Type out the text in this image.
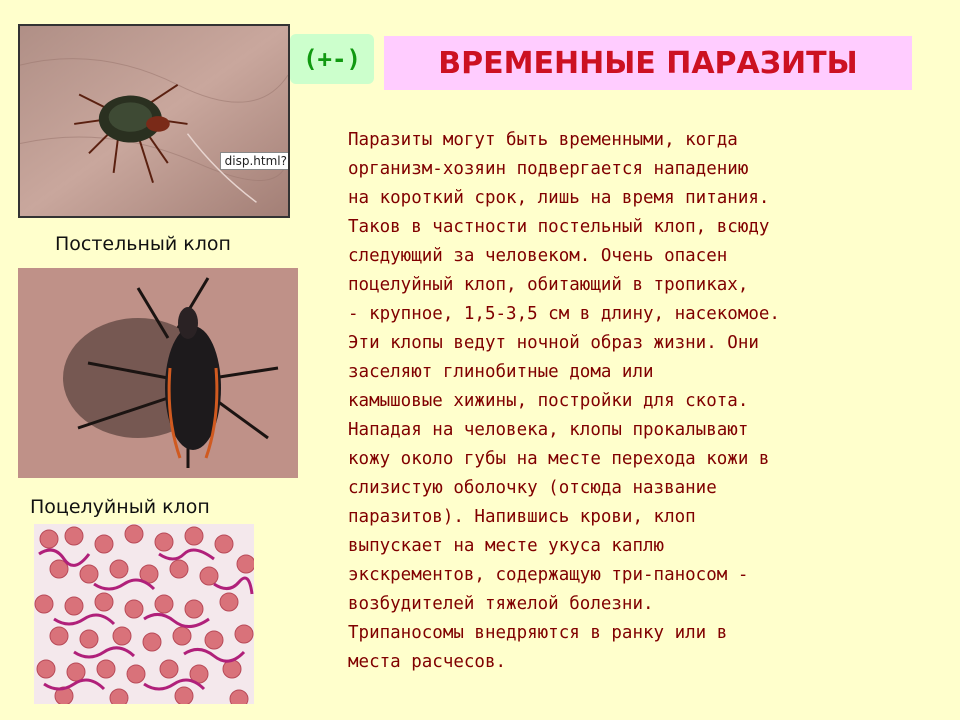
disp.html?
Постельный клоп
Поцелуйный клоп
(+-)	ВРЕМЕННЫЕ ПАРАЗИТЫ
Паразиты могут быть временными, когда
организм-хозяин подвергается нападению
на короткий срок, лишь на время питания.
Таков в частности постельный клоп, всюду
следующий за человеком. Очень опасен
поцелуйный клоп, обитающий в тропиках,
- крупное, 1,5-3,5 см в длину, насекомое.
Эти клопы ведут ночной образ жизни. Они
заселяют глинобитные дома или
камышовые хижины, постройки для скота.
Нападая на человека, клопы прокалывают
кожу около губы на месте перехода кожи в
слизистую оболочку (отсюда название
паразитов). Напившись крови, клоп
выпускает на месте укуса каплю
экскрементов, содержащую три-паносом -
возбудителей тяжелой болезни.
Трипаносомы внедряются в ранку или в
места расчесов.
